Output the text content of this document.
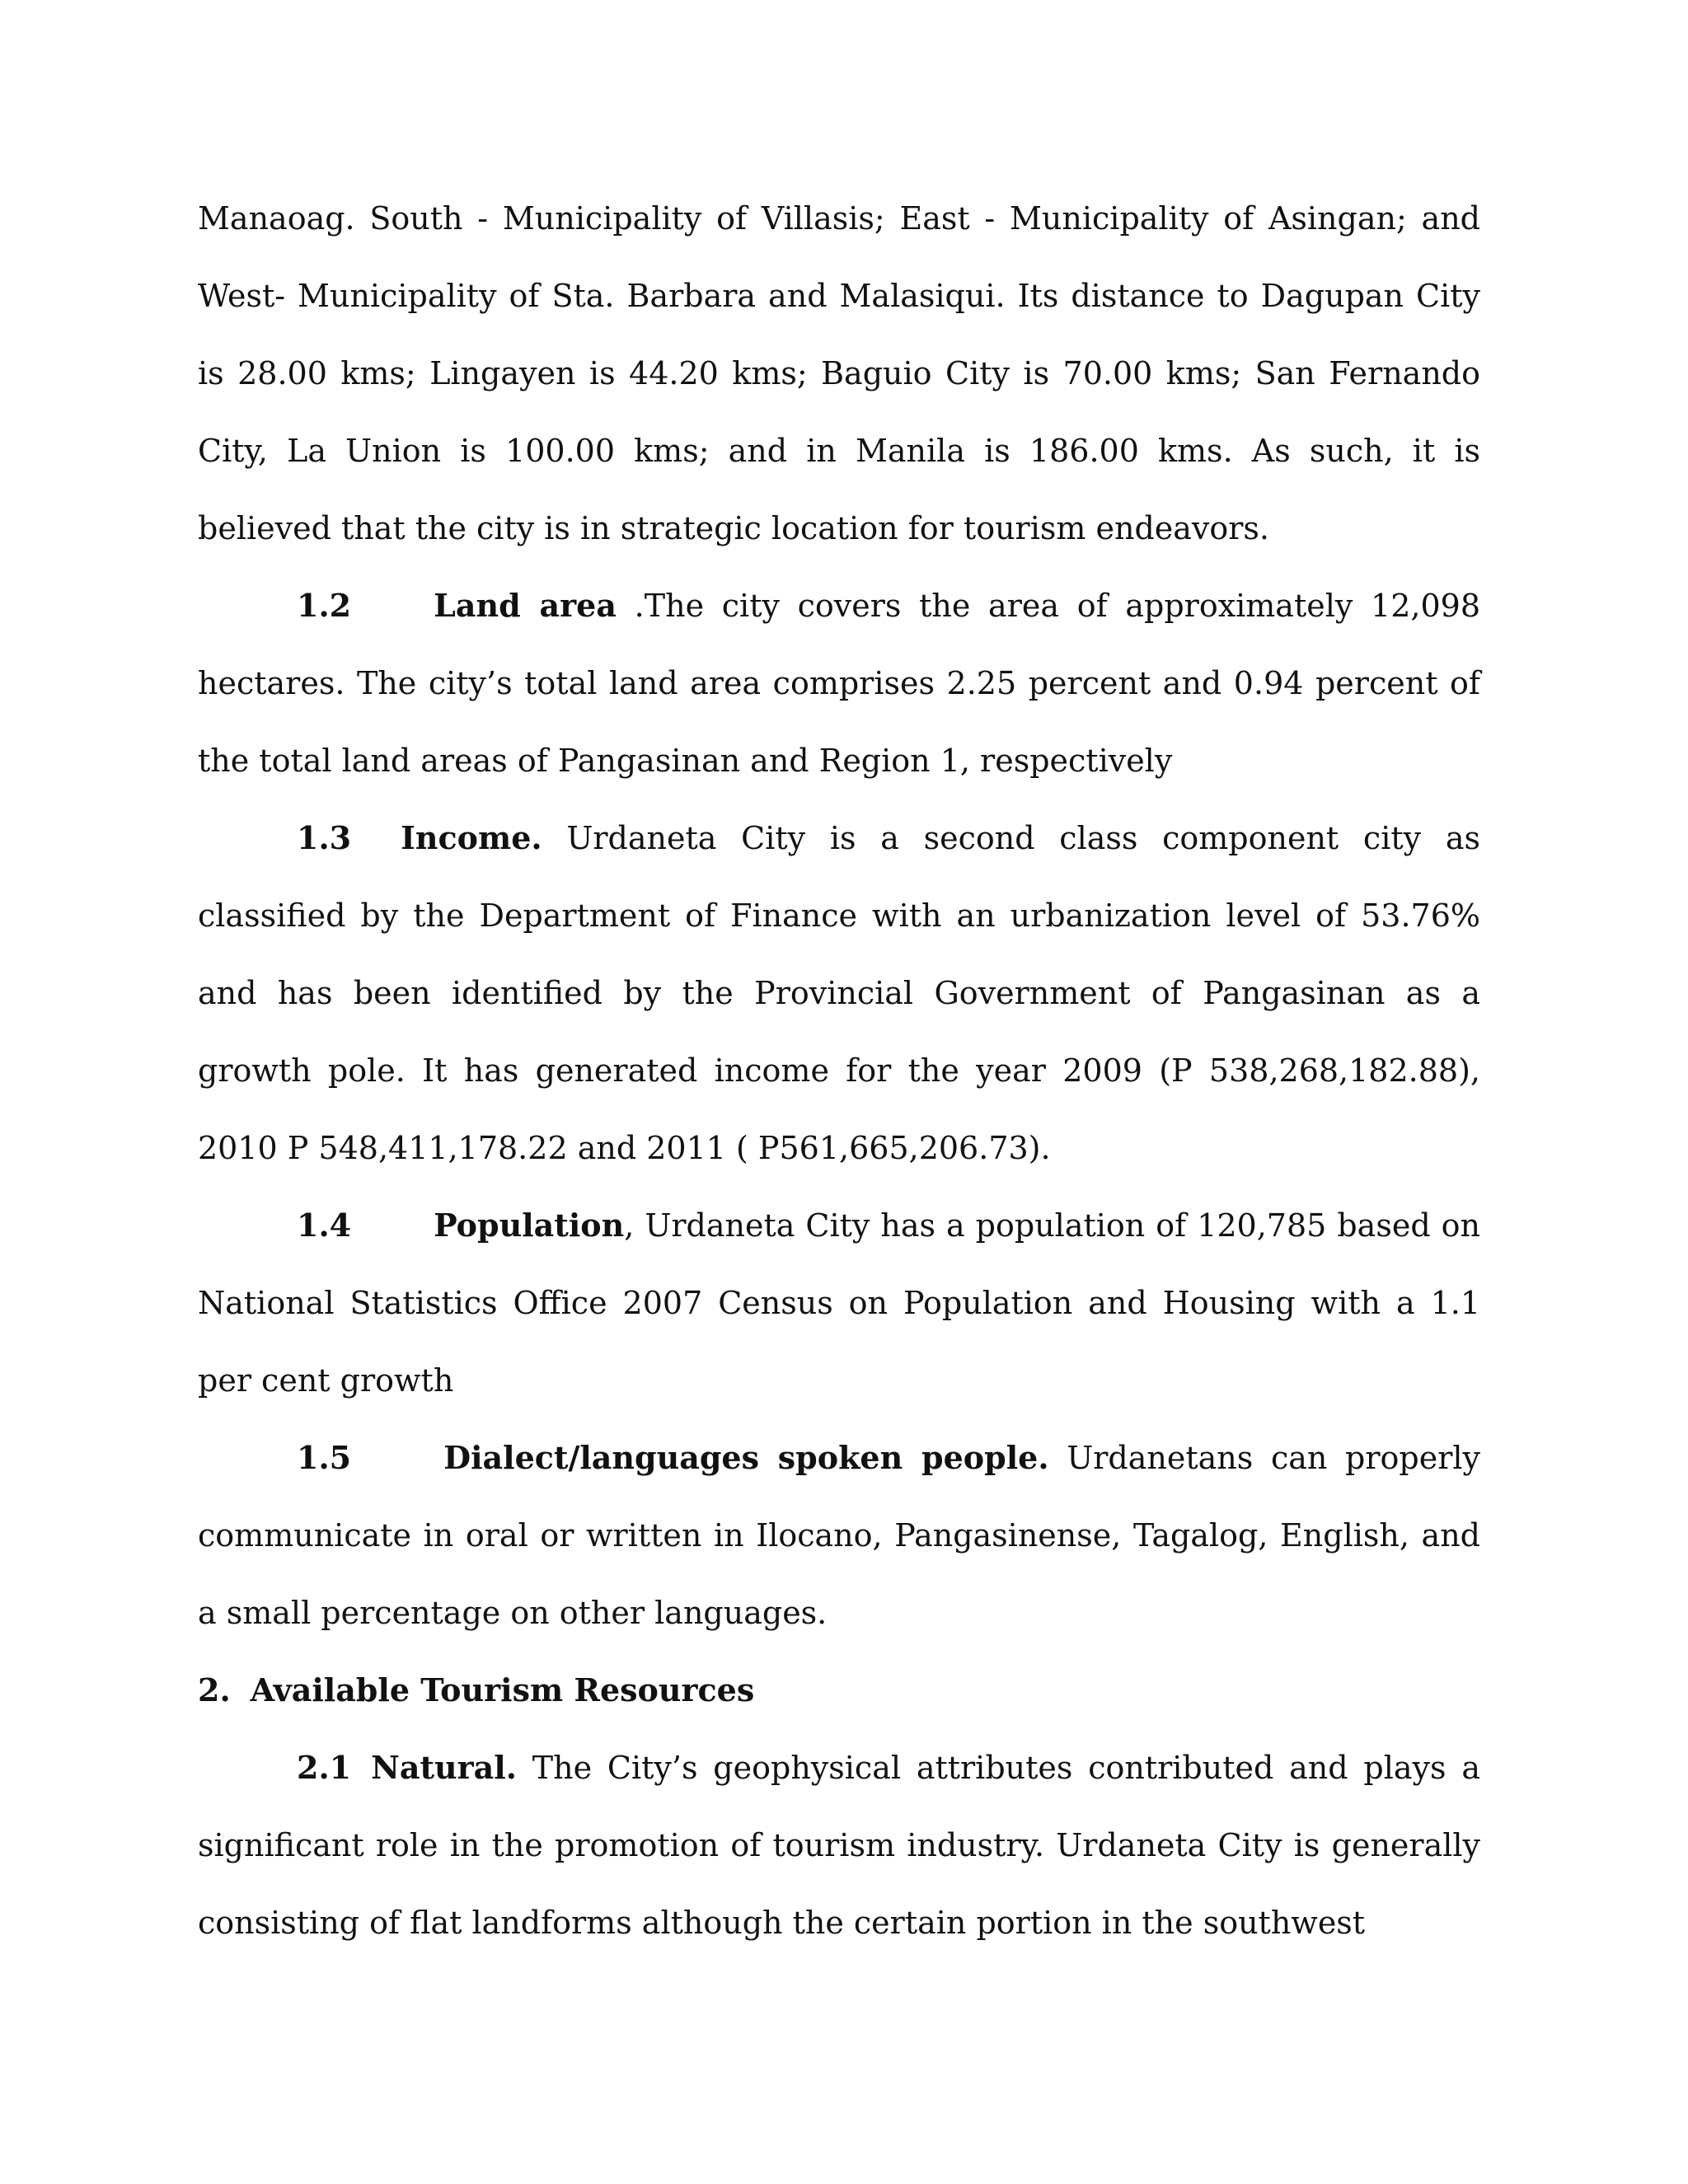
Manaoag. South - Municipality of Villasis; East - Municipality of Asingan; and West- Municipality of Sta. Barbara and Malasiqui. Its distance to Dagupan City is 28.00 kms; Lingayen is 44.20 kms; Baguio City is 70.00 kms; San Fernando City, La Union is 100.00 kms; and in Manila is 186.00 kms. As such, it is believed that the city is in strategic location for tourism endeavors.

1.2	Land area .The city covers the area of approximately 12,098 hectares. The city’s total land area comprises 2.25 percent and 0.94 percent of the total land areas of Pangasinan and Region 1, respectively

1.3 Income. Urdaneta City is a second class component city as classified by the Department of Finance with an urbanization level of 53.76% and has been identified by the Provincial Government of Pangasinan as a growth pole. It has generated income for the year 2009 (P 538,268,182.88), 2010 P 548,411,178.22 and 2011 ( P561,665,206.73).

1.4	Population, Urdaneta City has a population of 120,785 based on National Statistics Office 2007 Census on Population and Housing with a 1.1 per cent growth

1.5	Dialect/languages spoken people. Urdanetans can properly communicate in oral or written in Ilocano, Pangasinense, Tagalog, English, and a small percentage on other languages.

2. Available Tourism Resources

2.1 Natural. The City’s geophysical attributes contributed and plays a significant role in the promotion of tourism industry. Urdaneta City is generally consisting of flat landforms although the certain portion in the southwest
